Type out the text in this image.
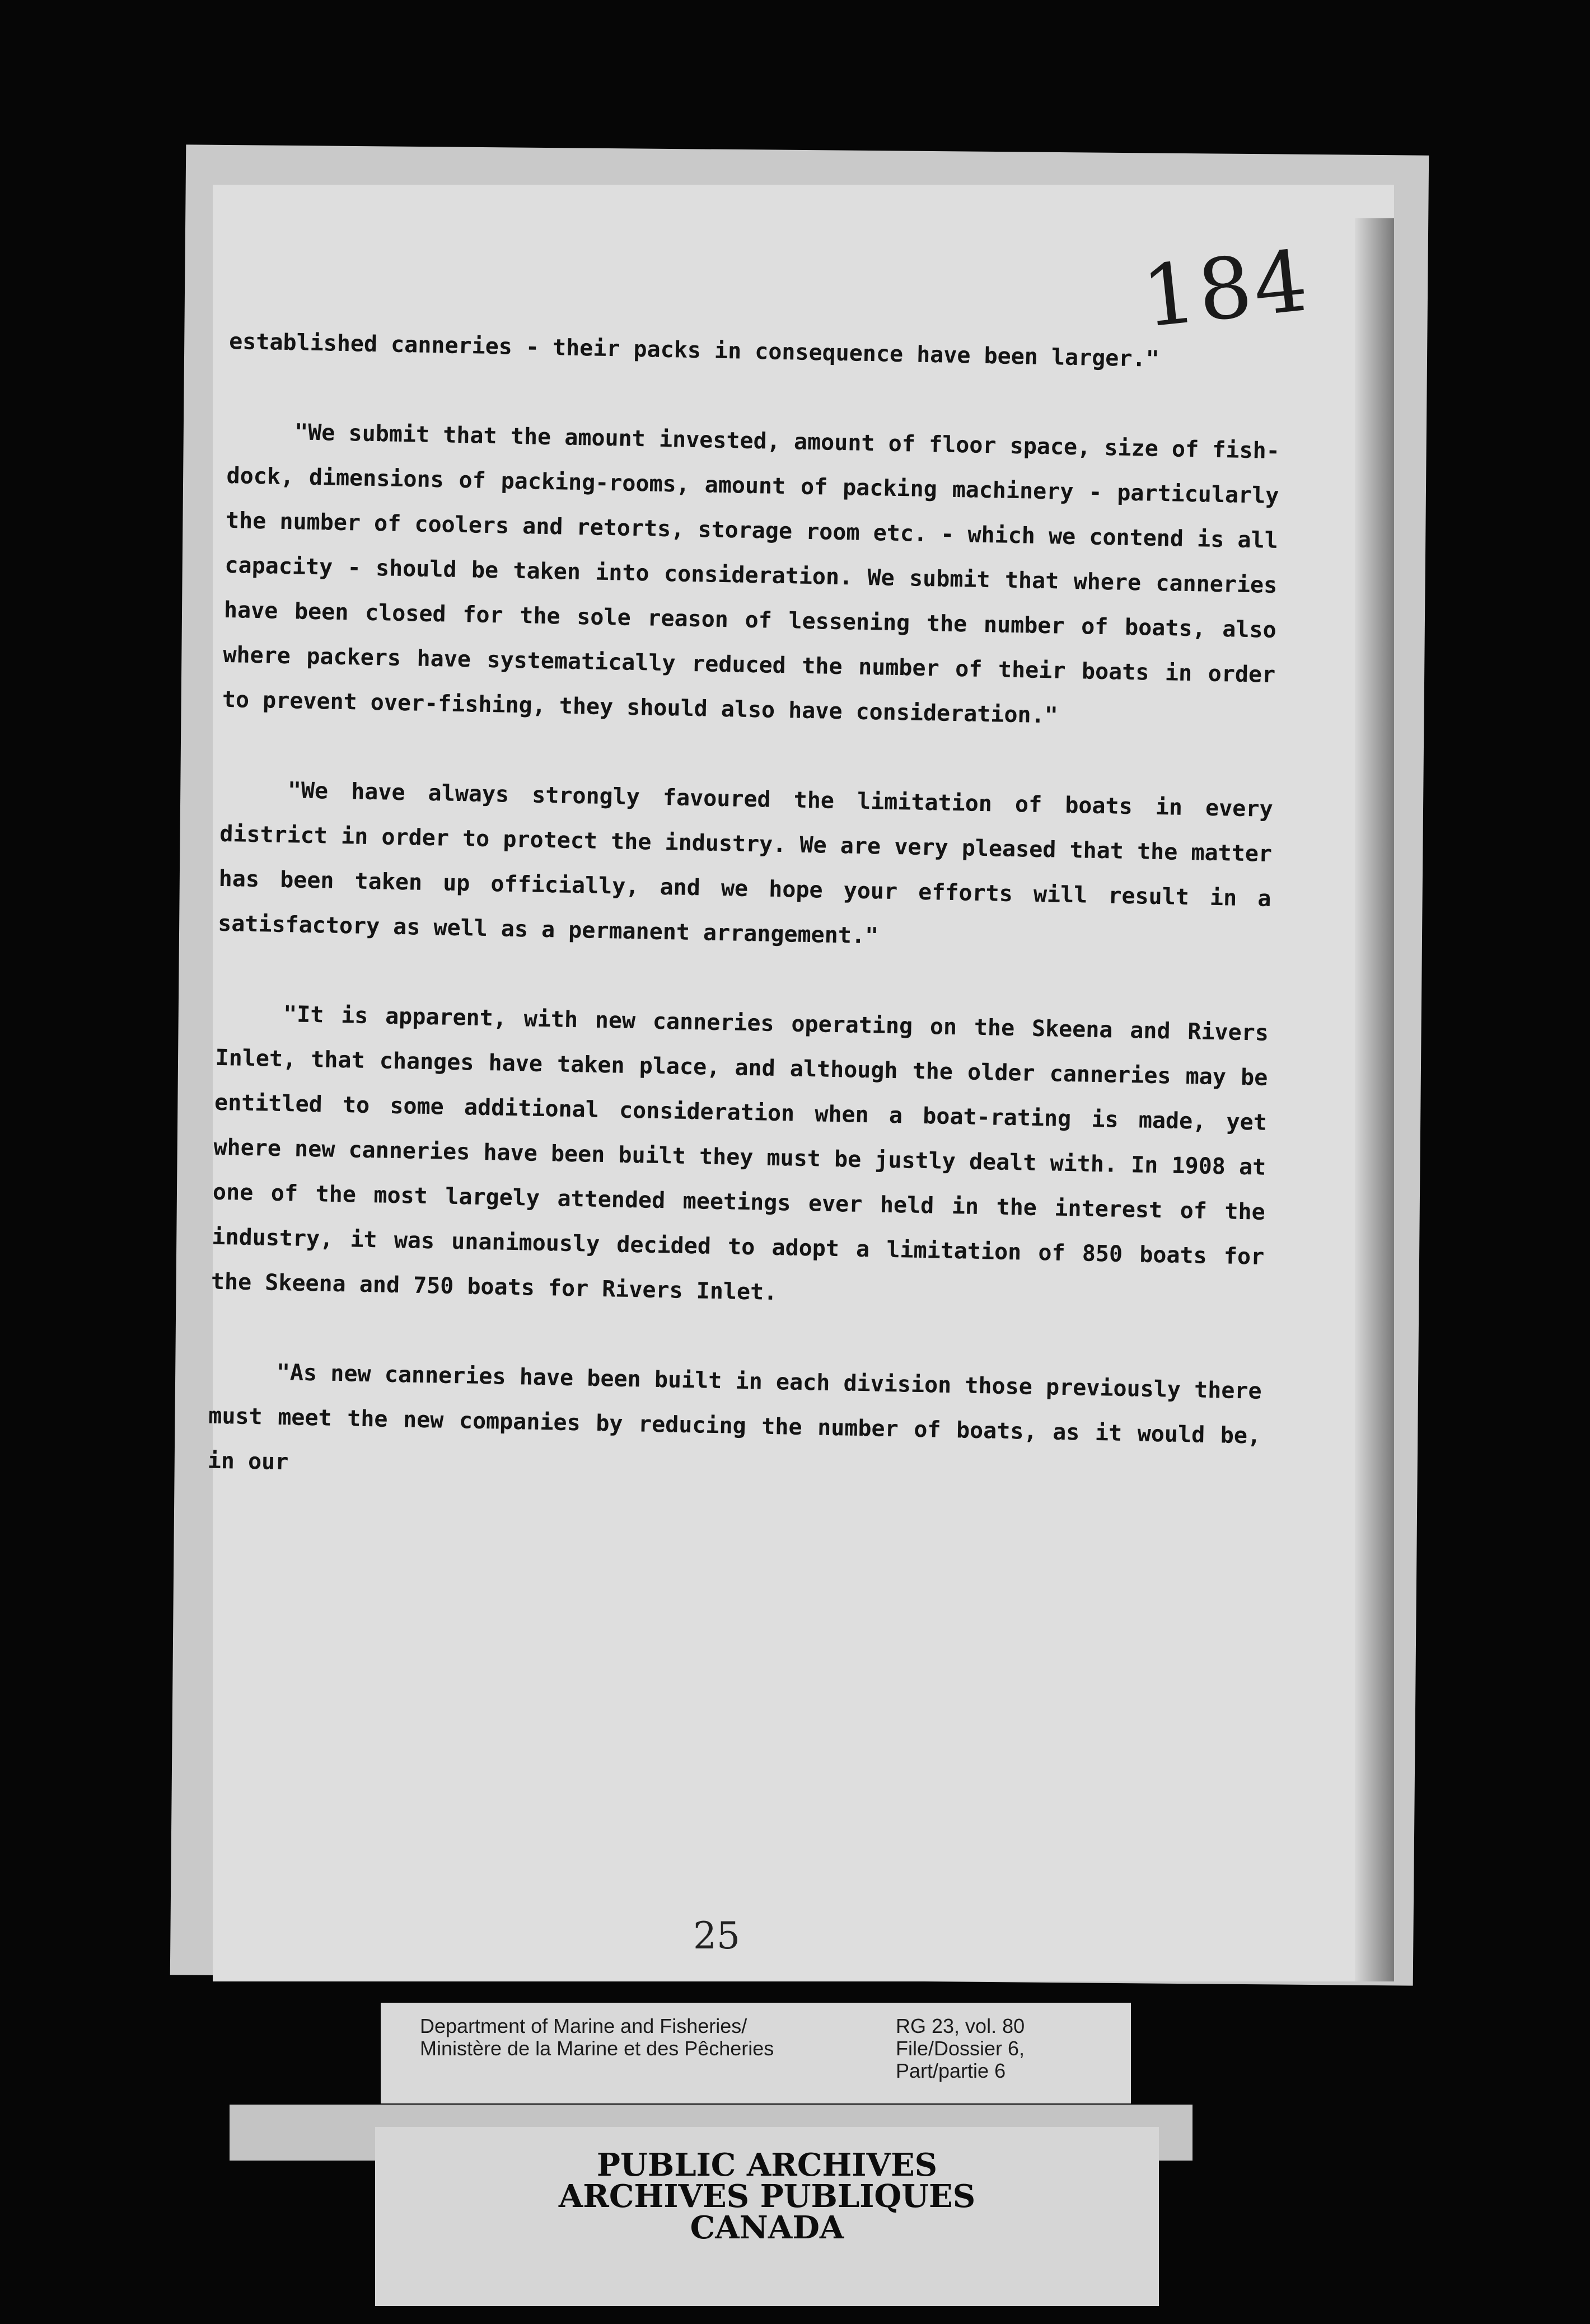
184

established canneries - their packs in consequence have been larger."

"We submit that the amount invested, amount of floor space, size of fish-dock, dimensions of packing-rooms, amount of packing machinery - particularly the number of coolers and retorts, storage room etc. - which we contend is all capacity - should be taken into consideration. We submit that where canneries have been closed for the sole reason of lessening the number of boats, also where packers have systematically reduced the number of their boats in order to prevent over-fishing, they should also have consideration."

"We have always strongly favoured the limitation of boats in every district in order to protect the industry. We are very pleased that the matter has been taken up officially, and we hope your efforts will result in a satisfactory as well as a permanent arrangement."

"It is apparent, with new canneries operating on the Skeena and Rivers Inlet, that changes have taken place, and although the older canneries may be entitled to some additional consideration when a boat-rating is made, yet where new canneries have been built they must be justly dealt with. In 1908 at one of the most largely attended meetings ever held in the interest of the industry, it was unanimously decided to adopt a limitation of 850 boats for the Skeena and 750 boats for Rivers Inlet.

"As new canneries have been built in each division those previously there must meet the new companies by reducing the number of boats, as it would be, in our

25
Department of Marine and Fisheries/
Ministère de la Marine et des Pêcheries
RG 23, vol. 80
File/Dossier 6,
Part/partie 6
PUBLIC ARCHIVES
ARCHIVES PUBLIQUES
CANADA
